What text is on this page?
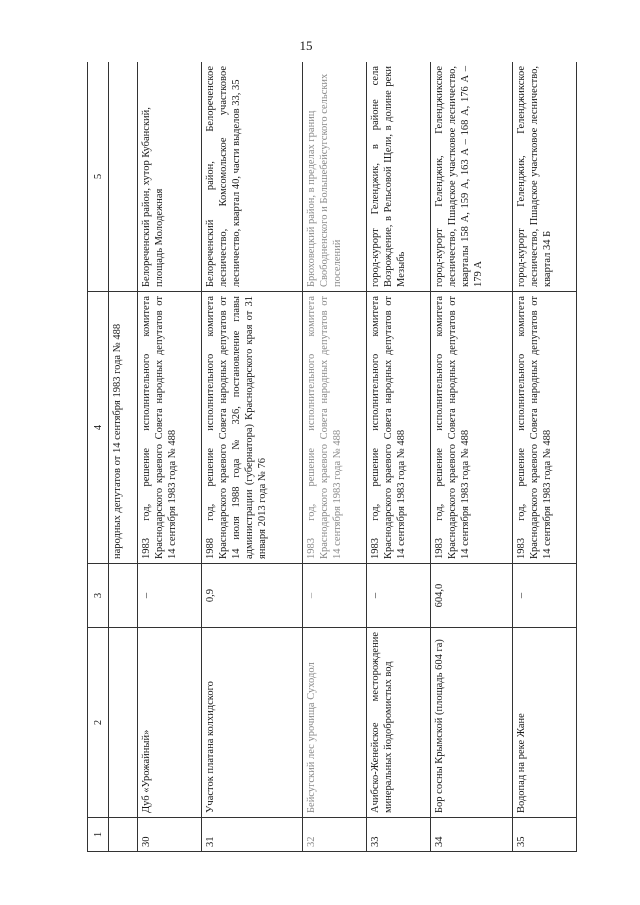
15
1	2	3	4	5
			народных депутатов от 14 сентября 1983 года № 488	
30	Дуб «Урожайный»	–	1983 год, решение исполнительного комитета Краснодарского краевого Совета народных депутатов от 14 сентября 1983 года № 488	Белореченский район, хутор Кубанский, площадь Молодежная
31	Участок платана колхидского	0,9	1988 год, решение исполнительного комитета Краснодарского краевого Совета народных депутатов от 14 июля 1988 года № 326, постановление главы администрации (губернатора) Краснодарского края от 31 января 2013 года № 76	Белореченский район, Белореченское лесничество, Комсомольское участковое лесничество, квартал 40, части выделов 33, 35
32	Бейсугский лес урочища Суходол	–	1983 год, решение исполнительного комитета Краснодарского краевого Совета народных депутатов от 14 сентября 1983 года № 488	Брюховецкий район, в пределах границ Свободненского и Большебейсугского сельских поселений
33	Ачибско-Женейское месторождение минеральных йодобромистых вод	–	1983 год, решение исполнительного комитета Краснодарского краевого Совета народных депутатов от 14 сентября 1983 года № 488	город-курорт Геленджик, в районе села Возрождение, в Рельсовой Щели, в долине реки Мезыбь
34	Бор сосны Крымской (площадь 604 га)	604,0	1983 год, решение исполнительного комитета Краснодарского краевого Совета народных депутатов от 14 сентября 1983 года № 488	город-курорт Геленджик, Геленджикское лесничество, Пшадское участковое лесничество, кварталы 158 А, 159 А, 163 А – 168 А, 176 А – 179 А
35	Водопад на реке Жане	–	1983 год, решение исполнительного комитета Краснодарского краевого Совета народных депутатов от 14 сентября 1983 года № 488	город-курорт Геленджик, Геленджикское лесничество, Пшадское участковое лесничество, квартал 34 Б
